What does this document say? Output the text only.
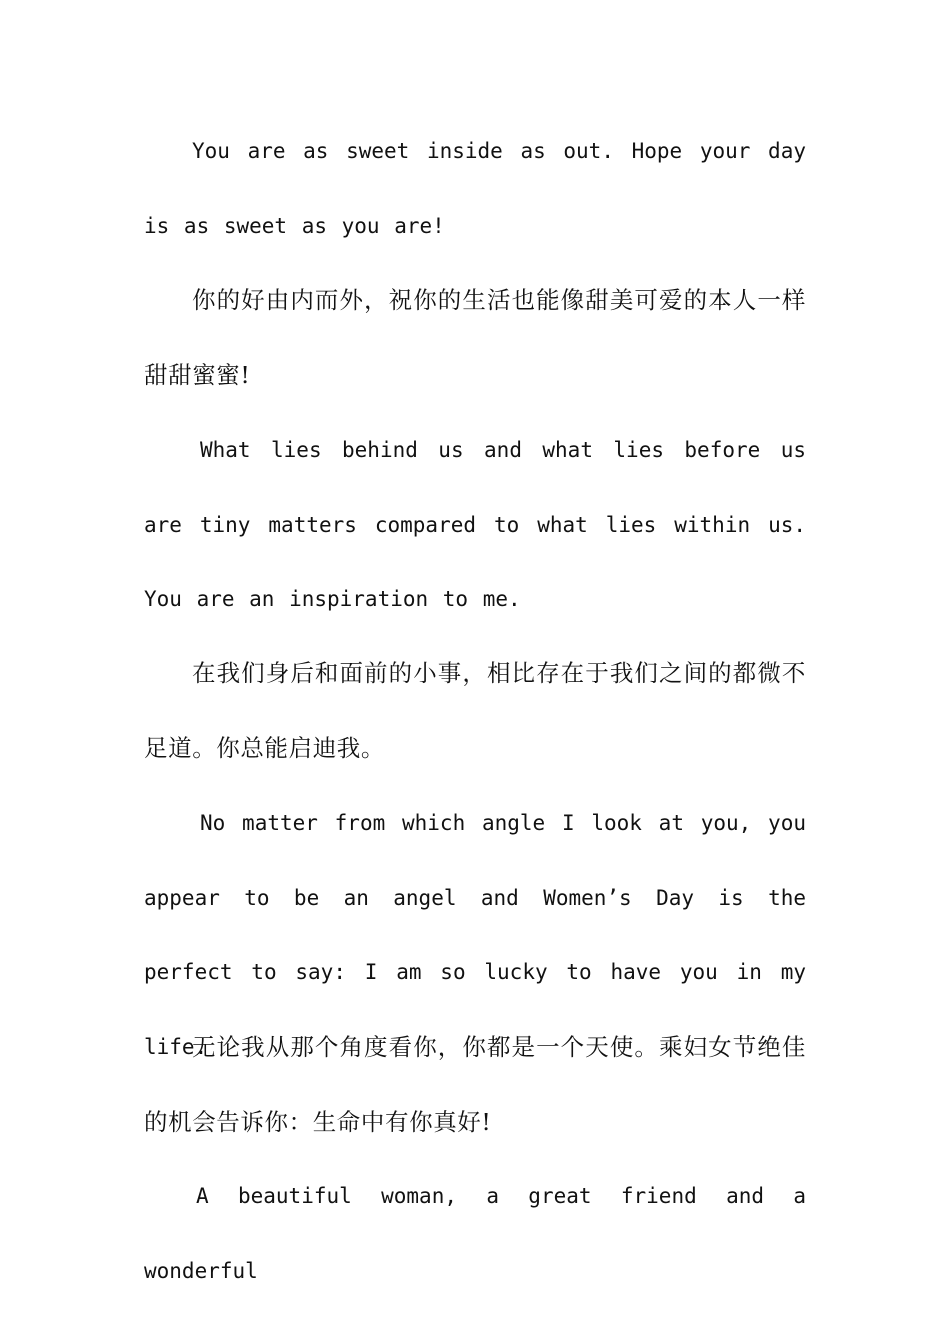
You are as sweet inside as out. Hope your day is as sweet as you are!

你的好由内而外，祝你的生活也能像甜美可爱的本人一样甜甜蜜蜜!

What lies behind us and what lies before us are tiny matters compared to what lies within us. You are an inspiration to me.

在我们身后和面前的小事，相比存在于我们之间的都微不足道。你总能启迪我。

No matter from which angle I look at you, you appear to be an angel and Women’s Day is the perfect to say: I am so lucky to have you in my life.

无论我从那个角度看你，你都是一个天使。乘妇女节绝佳的机会告诉你：生命中有你真好!

A beautiful woman, a great friend and a wonderful
